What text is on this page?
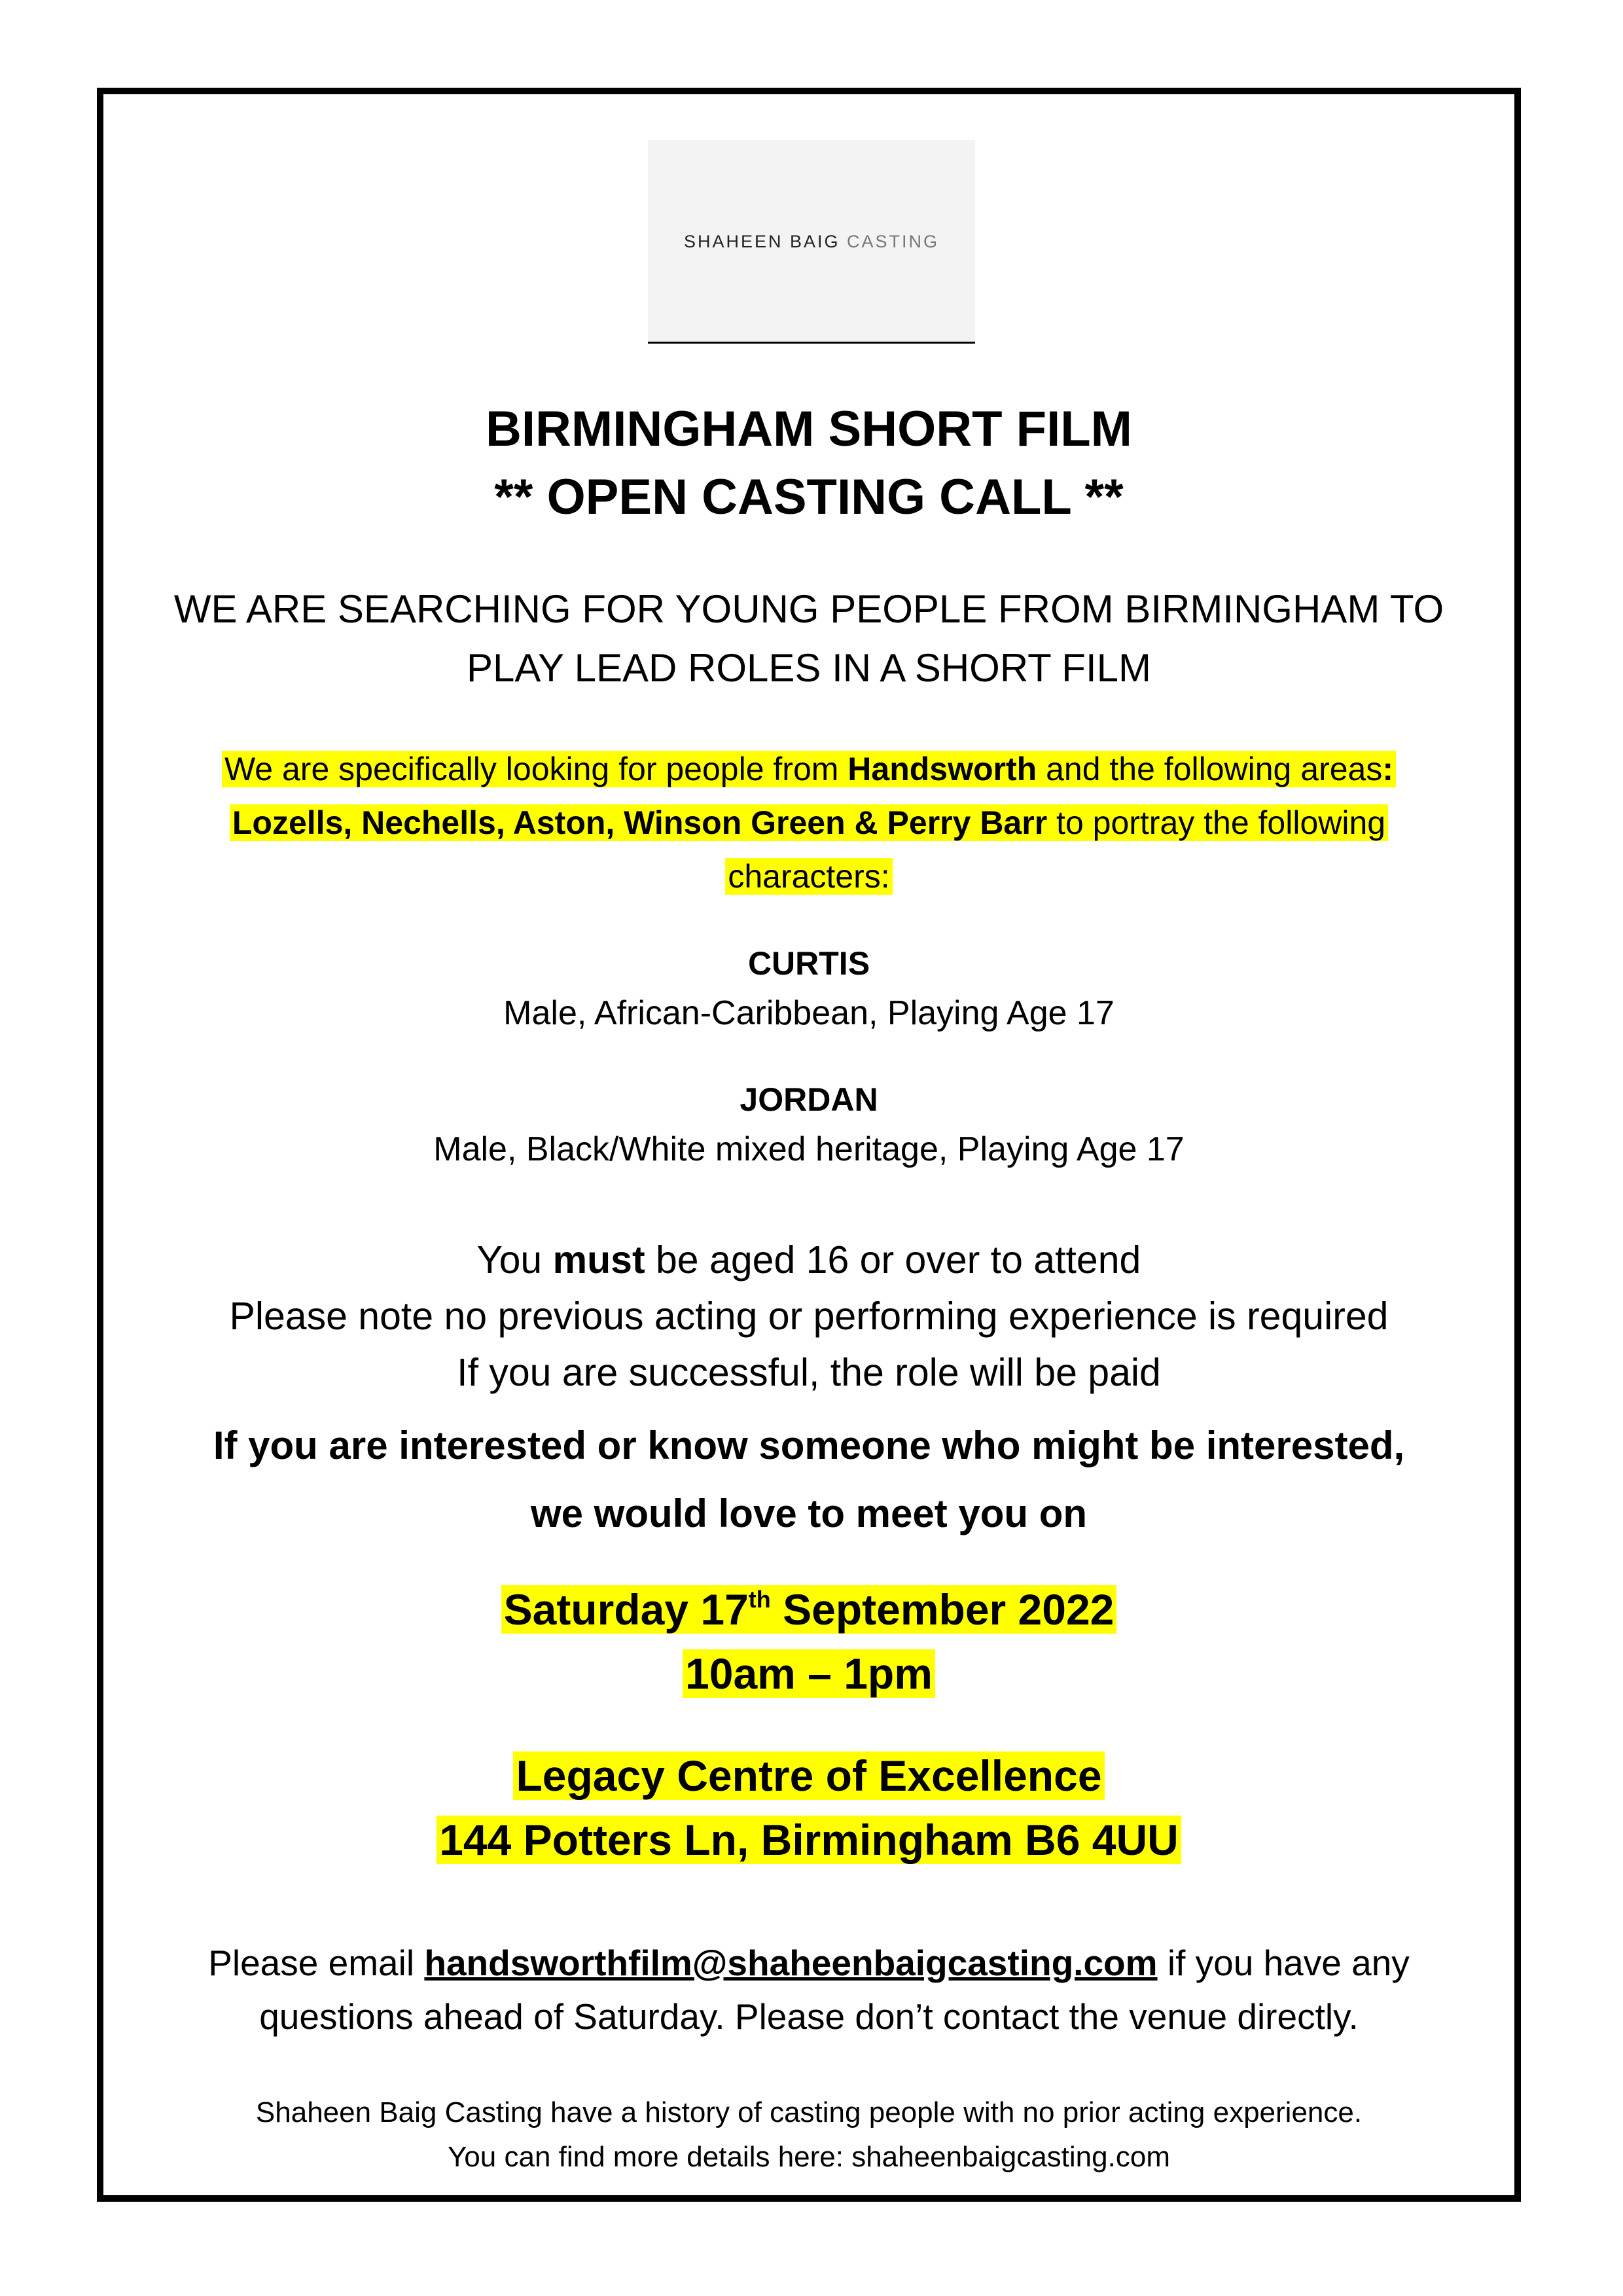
SHAHEEN BAIG
CASTING
BIRMINGHAM SHORT FILM
** OPEN CASTING CALL **
WE ARE SEARCHING FOR YOUNG PEOPLE FROM BIRMINGHAM TO
PLAY LEAD ROLES IN A SHORT FILM
We are specifically looking for people from Handsworth and the following areas: Lozells, Nechells, Aston, Winson Green & Perry Barr to portray the following characters:
CURTIS
Male, African-Caribbean, Playing Age 17
JORDAN
Male, Black/White mixed heritage, Playing Age 17
You must be aged 16 or over to attend
Please note no previous acting or performing experience is required
If you are successful, the role will be paid
If you are interested or know someone who might be interested,
we would love to meet you on
Saturday 17th September 2022
10am – 1pm
Legacy Centre of Excellence
144 Potters Ln, Birmingham B6 4UU
Please email handsworthfilm@shaheenbaigcasting.com if you have any
questions ahead of Saturday. Please don’t contact the venue directly.
Shaheen Baig Casting have a history of casting people with no prior acting experience.
You can find more details here: shaheenbaigcasting.com
